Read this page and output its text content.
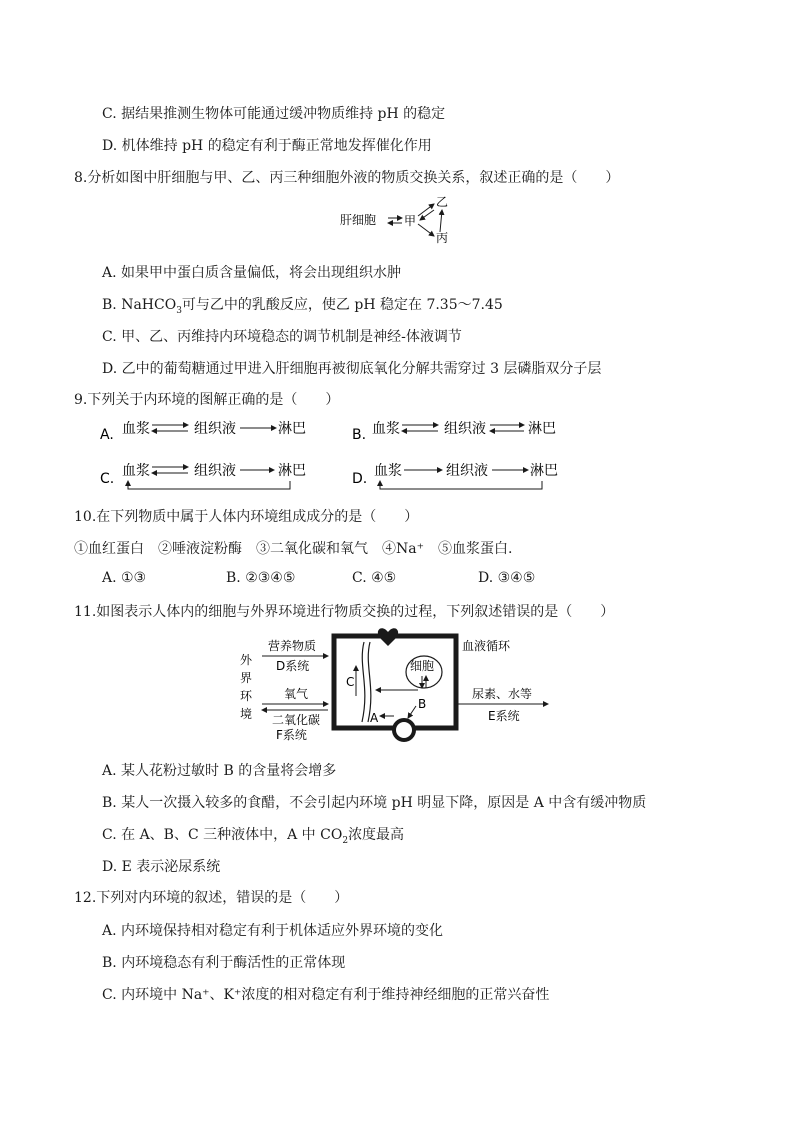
C. 据结果推测生物体可能通过缓冲物质维持 pH 的稳定
D. 机体维持 pH 的稳定有利于酶正常地发挥催化作用
8.分析如图中肝细胞与甲、乙、丙三种细胞外液的物质交换关系，叙述正确的是（　　）
肝细胞 甲
乙
丙
A. 如果甲中蛋白质含量偏低，将会出现组织水肿
B. NaHCO$_3$可与乙中的乳酸反应，使乙 pH 稳定在 7.35～7.45
C. 甲、乙、丙维持内环境稳态的调节机制是神经-体液调节
D. 乙中的葡萄糖通过甲进入肝细胞再被彻底氧化分解共需穿过 3 层磷脂双分子层
9.下列关于内环境的图解正确的是（　　）
A. 血浆	组织液	淋巴	B. 血浆	组织液	淋巴
C. 血浆	组织液	淋巴	D. 血浆	组织液	淋巴
10.在下列物质中属于人体内环境组成成分的是（　　）
①血红蛋白　②唾液淀粉酶　③二氧化碳和氧气　④Na⁺　⑤血浆蛋白.
A. ①③	B. ②③④⑤	C. ④⑤	D. ③④⑤
11.如图表示人体内的细胞与外界环境进行物质交换的过程，下列叙述错误的是（　　）
外
界
环
境
营养物质
D系统
氧气
二氧化碳
F系统
C
细胞
B
A
血液循环
尿素、水等
E系统
A. 某人花粉过敏时 B 的含量将会增多
B. 某人一次摄入较多的食醋，不会引起内环境 pH 明显下降，原因是 A 中含有缓冲物质
C. 在 A、B、C 三种液体中，A 中 $CO_2$浓度最高
D. E 表示泌尿系统
12.下列对内环境的叙述，错误的是（　　）
A. 内环境保持相对稳定有利于机体适应外界环境的变化
B. 内环境稳态有利于酶活性的正常体现
C. 内环境中 Na⁺、K⁺浓度的相对稳定有利于维持神经细胞的正常兴奋性
